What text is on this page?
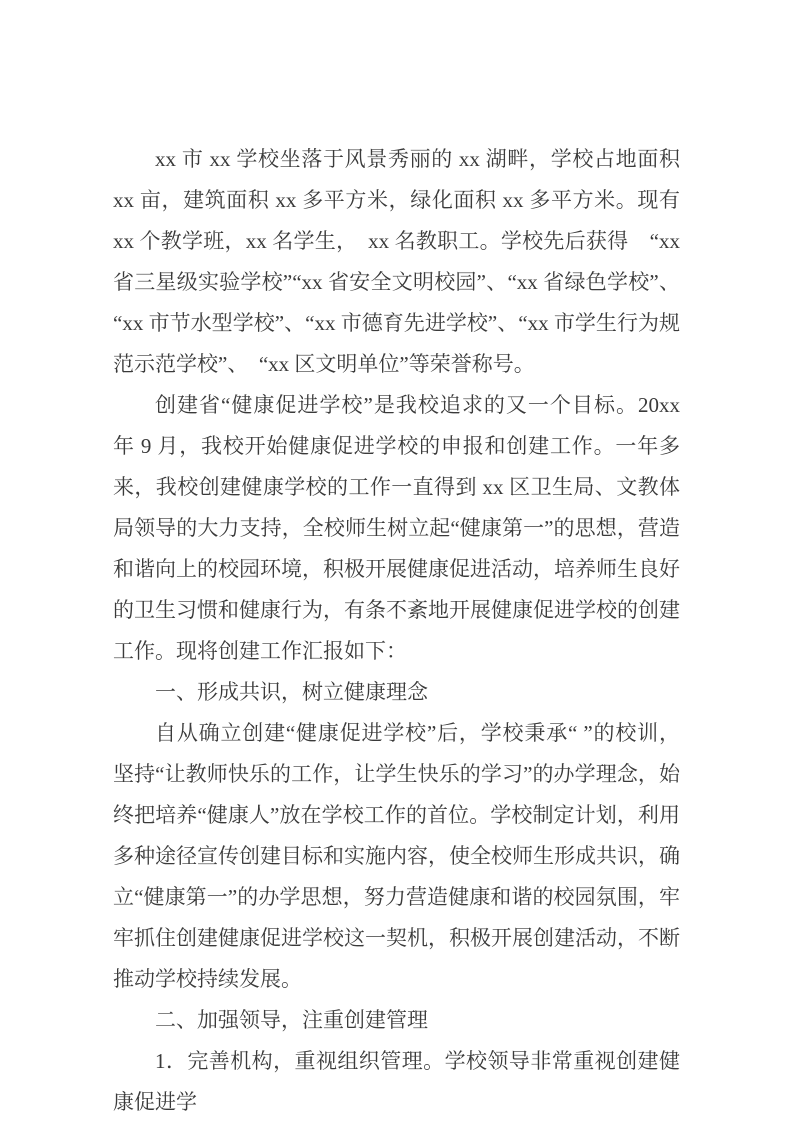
xx 市 xx 学校坐落于风景秀丽的 xx 湖畔，学校占地面积 xx 亩，建筑面积 xx 多平方米，绿化面积 xx 多平方米。现有 xx 个教学班，xx 名学生，　xx 名教职工。学校先后获得　“xx 省三星级实验学校”“xx 省安全文明校园”、“xx 省绿色学校”、“xx 市节水型学校”、“xx 市德育先进学校”、“xx 市学生行为规范示范学校”、　“xx 区文明单位”等荣誉称号。

创建省“健康促进学校”是我校追求的又一个目标。20xx 年 9 月，我校开始健康促进学校的申报和创建工作。一年多来，我校创建健康学校的工作一直得到 xx 区卫生局、文教体局领导的大力支持，全校师生树立起“健康第一”的思想，营造和谐向上的校园环境，积极开展健康促进活动，培养师生良好的卫生习惯和健康行为，有条不紊地开展健康促进学校的创建工作。现将创建工作汇报如下：

一、形成共识，树立健康理念

自从确立创建“健康促进学校”后，学校秉承“ ”的校训，坚持“让教师快乐的工作，让学生快乐的学习”的办学理念，始终把培养“健康人”放在学校工作的首位。学校制定计划，利用多种途径宣传创建目标和实施内容，使全校师生形成共识，确立“健康第一”的办学思想，努力营造健康和谐的校园氛围，牢牢抓住创建健康促进学校这一契机，积极开展创建活动，不断推动学校持续发展。

二、加强领导，注重创建管理

1．完善机构，重视组织管理。学校领导非常重视创建健康促进学
